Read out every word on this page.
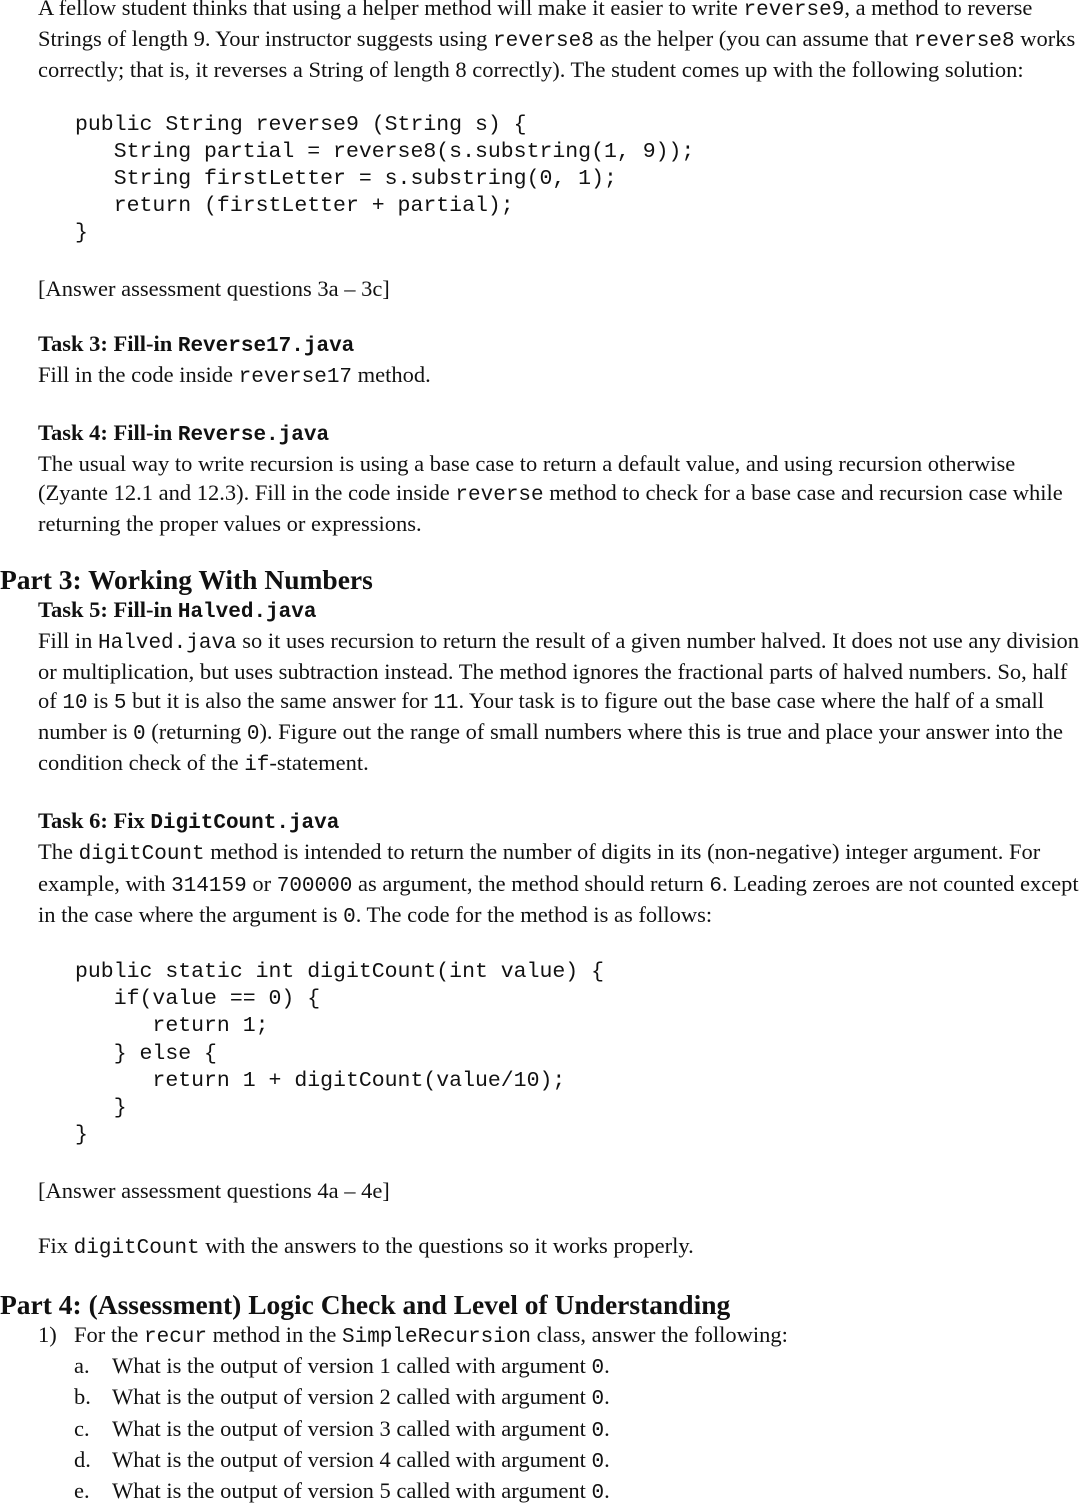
A fellow student thinks that using a helper method will make it easier to write reverse9, a method to reverse Strings of length 9. Your instructor suggests using reverse8 as the helper (you can assume that reverse8 works correctly; that is, it reverses a String of length 8 correctly). The student comes up with the following solution:

public String reverse9 (String s) {
String partial = reverse8(s.substring(1, 9));
String firstLetter = s.substring(0, 1);
return (firstLetter + partial);
}

[Answer assessment questions 3a – 3c]

Task 3: Fill-in Reverse17.java

Fill in the code inside reverse17 method.

Task 4: Fill-in Reverse.java

The usual way to write recursion is using a base case to return a default value, and using recursion otherwise (Zyante 12.1 and 12.3). Fill in the code inside reverse method to check for a base case and recursion case while returning the proper values or expressions.

Part 3: Working With Numbers
Task 5: Fill-in Halved.java

Fill in Halved.java so it uses recursion to return the result of a given number halved. It does not use any division or multiplication, but uses subtraction instead. The method ignores the fractional parts of halved numbers. So, half of 10 is 5 but it is also the same answer for 11. Your task is to figure out the base case where the half of a small number is 0 (returning 0). Figure out the range of small numbers where this is true and place your answer into the condition check of the if-statement.

Task 6: Fix DigitCount.java

The digitCount method is intended to return the number of digits in its (non-negative) integer argument. For example, with 314159 or 700000 as argument, the method should return 6. Leading zeroes are not counted except in the case where the argument is 0. The code for the method is as follows:

public static int digitCount(int value) {
if(value == 0) {
return 1;
} else {
return 1 + digitCount(value/10);
}
}

[Answer assessment questions 4a – 4e]

Fix digitCount with the answers to the questions so it works properly.

Part 4: (Assessment) Logic Check and Level of Understanding

1) For the recur method in the SimpleRecursion class, answer the following:

a. What is the output of version 1 called with argument 0.
b. What is the output of version 2 called with argument 0.
c. What is the output of version 3 called with argument 0.
d. What is the output of version 4 called with argument 0.
e. What is the output of version 5 called with argument 0.
